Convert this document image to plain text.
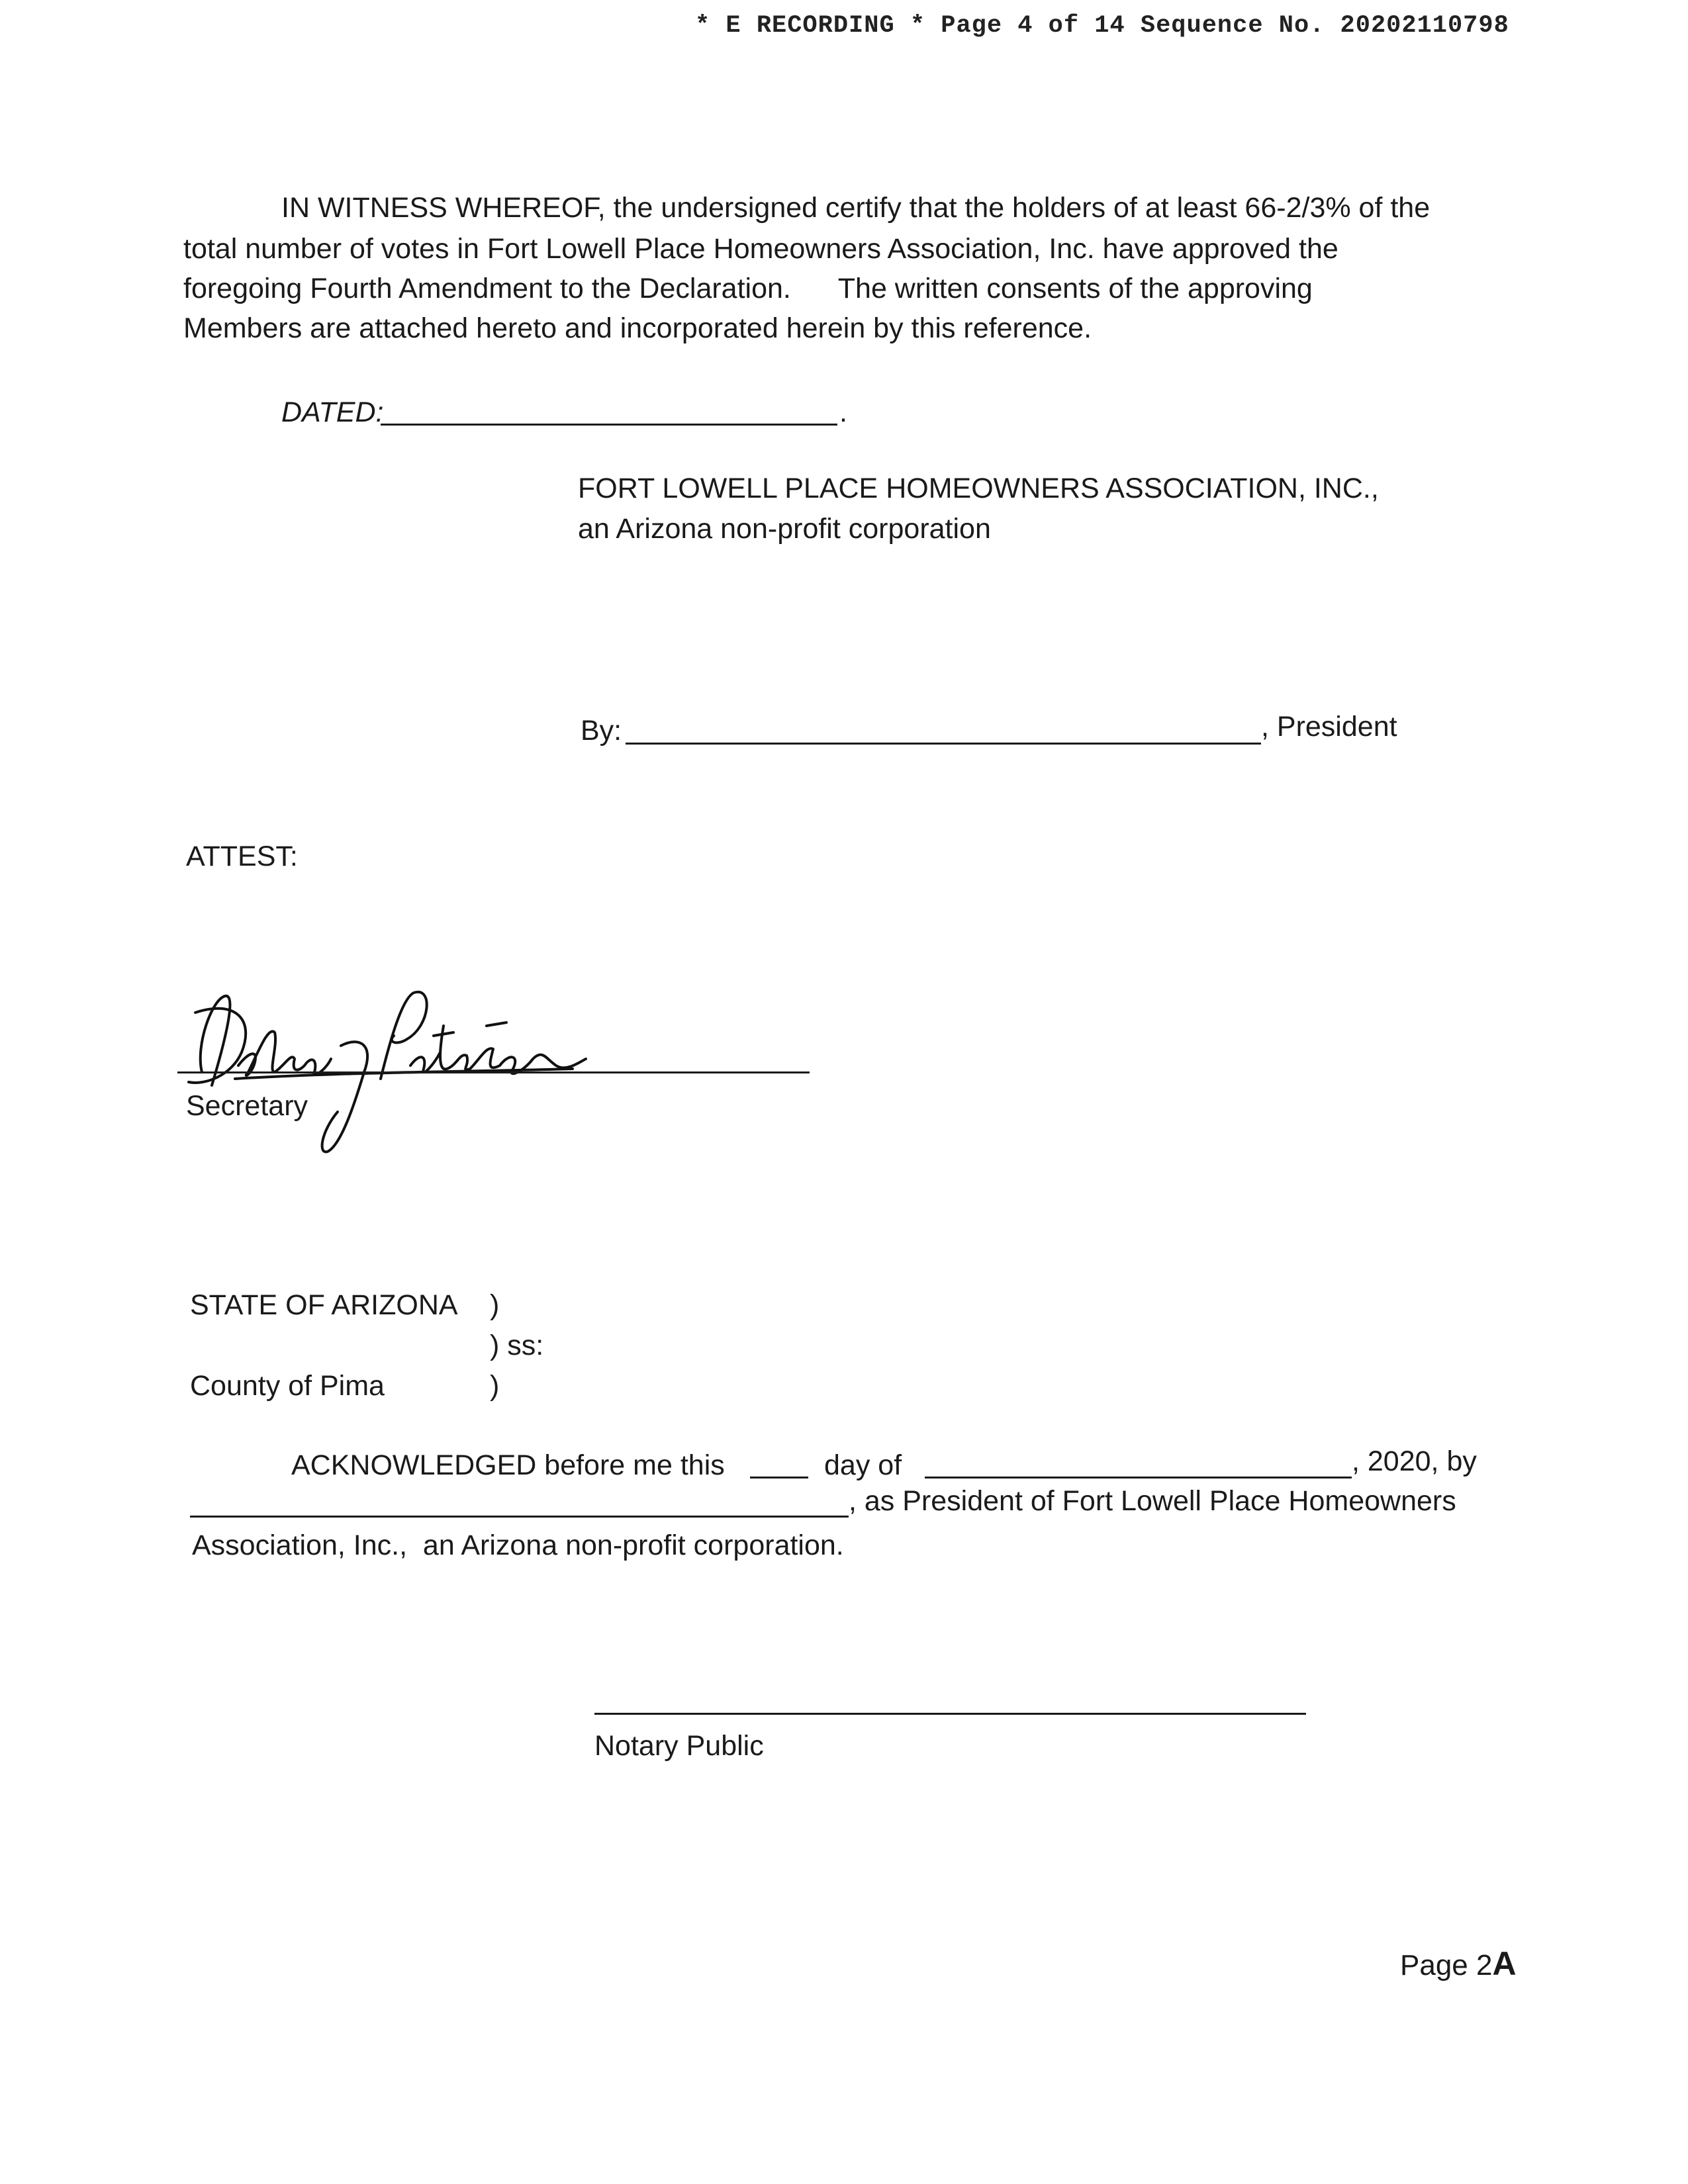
* E RECORDING * Page 4 of 14 Sequence No. 20202110798
IN WITNESS WHEREOF, the undersigned certify that the holders of at least 66-2/3% of the
total number of votes in Fort Lowell Place Homeowners Association, Inc. have approved the
foregoing Fourth Amendment to the Declaration.      The written consents of the approving
Members are attached hereto and incorporated herein by this reference.
DATED:	.
FORT LOWELL PLACE HOMEOWNERS ASSOCIATION, INC.,
an Arizona non-profit corporation
By:	, President
ATTEST:
Secretary
STATE OF ARIZONA )
) ss:
County of Pima	)
ACKNOWLEDGED before me this	day of	, 2020, by
, as President of Fort Lowell Place Homeowners
Association, Inc.,  an Arizona non-profit corporation.
Notary Public
Page 2A
